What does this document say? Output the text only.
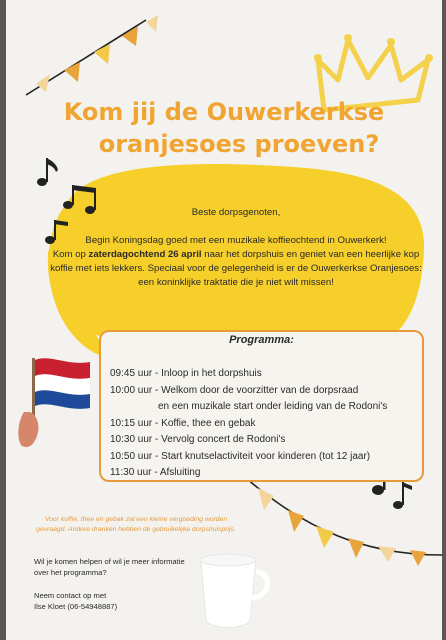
Kom jij de Ouwerkerkse
oranjesoes proeven?

Beste dorpsgenoten,

Begin Koningsdag goed met een muzikale koffieochtend in Ouwerkerk!
Kom op zaterdagochtend 26 april naar het dorpshuis en geniet van een heerlijke kop koffie met iets lekkers. Speciaal voor de gelegenheid is er de Ouwerkerkse Oranjesoes: een koninklijke traktatie die je niet wilt missen!

Programma:
09:45 uur - Inloop in het dorpshuis
10:00 uur - Welkom door de voorzitter van de dorpsraad
en een muzikale start onder leiding van de Rodoni's
10:15 uur - Koffie, thee en gebak
10:30 uur - Vervolg concert de Rodoni's
10:50 uur - Start knutselactiviteit voor kinderen (tot 12 jaar)
11:30 uur - Afsluiting
Voor koffie, thee en gebak zal een kleine vergoeding worden gevraagd. Andere dranken hebben de gebruikelijke dorpshuisprijs.
Wil je komen helpen of wil je meer informatie
over het programma?
Neem contact op met
Ilse Kloet (06-54948887)
